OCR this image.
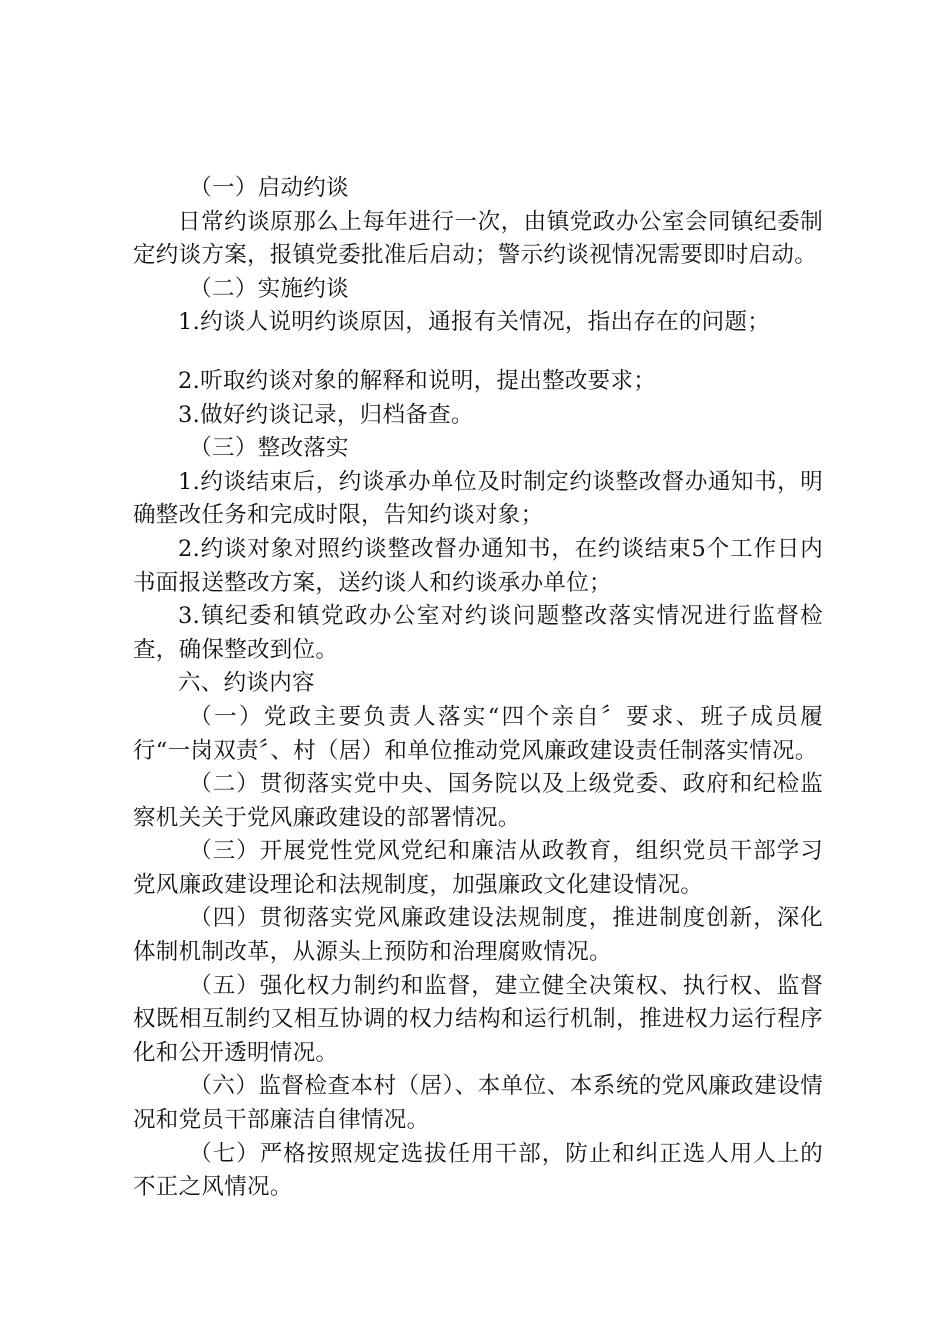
（一）启动约谈

日常约谈原那么上每年进行一次，由镇党政办公室会同镇纪委制定约谈方案，报镇党委批准后启动；警示约谈视情况需要即时启动。

（二）实施约谈

1.约谈人说明约谈原因，通报有关情况，指出存在的问题；

2.听取约谈对象的解释和说明，提出整改要求；

3.做好约谈记录，归档备查。

（三）整改落实

1.约谈结束后，约谈承办单位及时制定约谈整改督办通知书，明确整改任务和完成时限，告知约谈对象；

2.约谈对象对照约谈整改督办通知书，在约谈结束5个工作日内书面报送整改方案，送约谈人和约谈承办单位；

3.镇纪委和镇党政办公室对约谈问题整改落实情况进行监督检查，确保整改到位。

六、约谈内容

（一）党政主要负责人落实“四个亲自〞要求、班子成员履行“一岗双责〞、村（居）和单位推动党风廉政建设责任制落实情况。

（二）贯彻落实党中央、国务院以及上级党委、政府和纪检监察机关关于党风廉政建设的部署情况。

（三）开展党性党风党纪和廉洁从政教育，组织党员干部学习党风廉政建设理论和法规制度，加强廉政文化建设情况。

（四）贯彻落实党风廉政建设法规制度，推进制度创新，深化体制机制改革，从源头上预防和治理腐败情况。

（五）强化权力制约和监督，建立健全决策权、执行权、监督权既相互制约又相互协调的权力结构和运行机制，推进权力运行程序化和公开透明情况。

（六）监督检查本村（居）、本单位、本系统的党风廉政建设情况和党员干部廉洁自律情况。

（七）严格按照规定选拔任用干部，防止和纠正选人用人上的不正之风情况。
